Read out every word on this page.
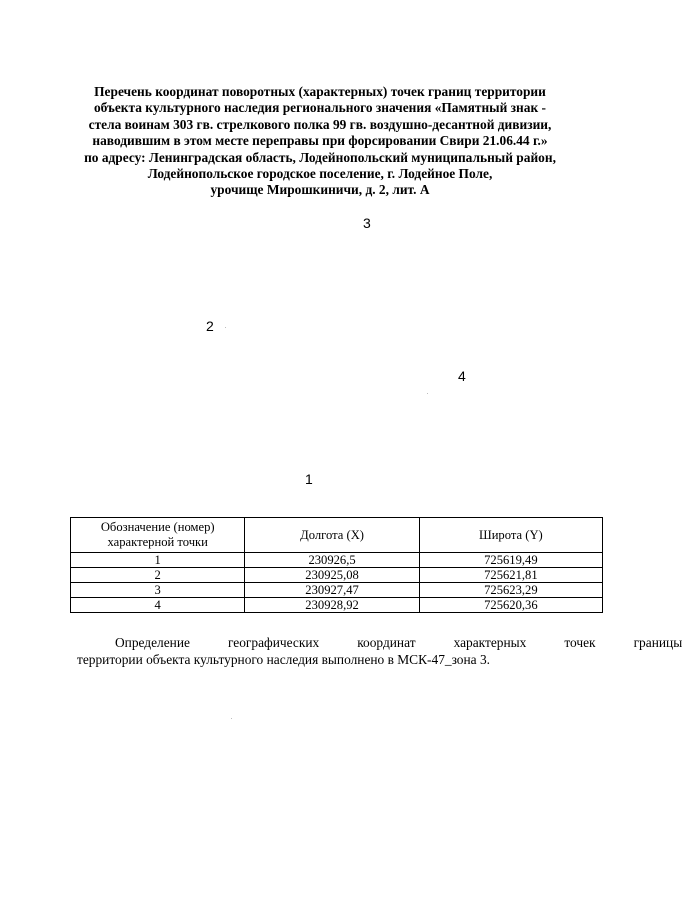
Перечень координат поворотных (характерных) точек границ территории
объекта культурного наследия регионального значения «Памятный знак -
стела воинам 303 гв. стрелкового полка 99 гв. воздушно-десантной дивизии,
наводившим в этом месте переправы при форсировании Свири 21.06.44 г.»
по адресу: Ленинградская область, Лодейнопольский муниципальный район,
Лодейнопольское городское поселение, г. Лодейное Поле,
урочище Мирошкиничи, д. 2, лит. А
3
2
4
1
Обозначение (номер) характерной точки	Долгота (X)	Широта (Y)
1	230926,5	725619,49
2	230925,08	725621,81
3	230927,47	725623,29
4	230928,92	725620,36
Определение	географических	координат	характерных	точек	границы
территории объекта культурного наследия выполнено в МСК-47_зона 3.
